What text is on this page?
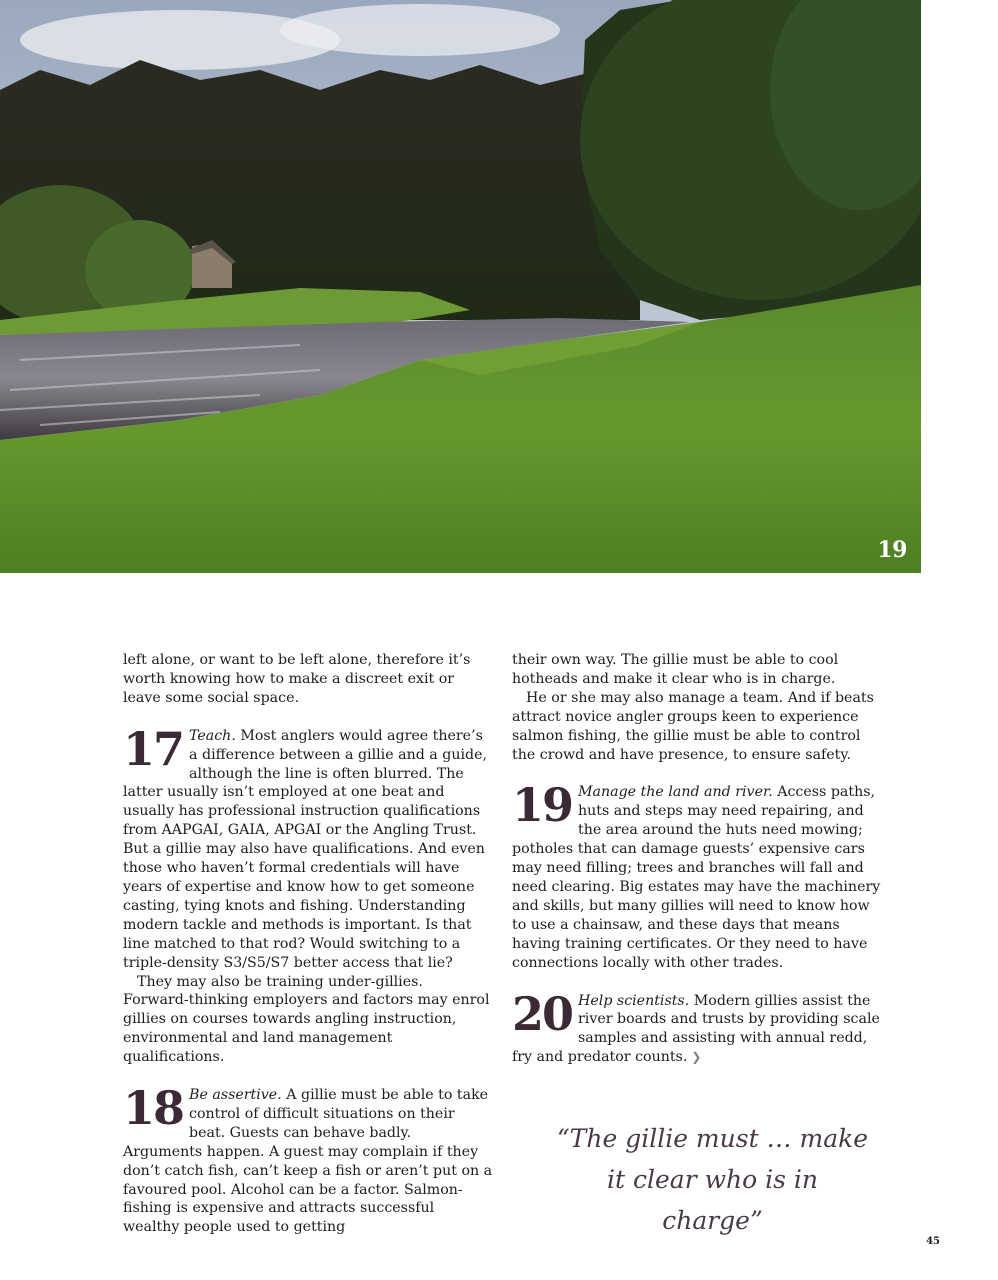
19

left alone, or want to be left alone, therefore it’s worth knowing how to make a discreet exit or leave some social space.

17 Teach. Most anglers would agree there’s a difference between a gillie and a guide, although the line is often blurred. The latter usually isn’t employed at one beat and usually has professional instruction qualifications from AAPGAI, GAIA, APGAI or the Angling Trust. But a gillie may also have qualifications. And even those who haven’t formal credentials will have years of expertise and know how to get someone casting, tying knots and fishing. Understanding modern tackle and methods is important. Is that line matched to that rod? Would switching to a triple-density S3/S5/S7 better access that lie?

They may also be training under-gillies. Forward-thinking employers and factors may enrol gillies on courses towards angling instruction, environmental and land management qualifications.

18 Be assertive. A gillie must be able to take control of difficult situations on their beat. Guests can behave badly. Arguments happen. A guest may complain if they don’t catch fish, can’t keep a fish or aren’t put on a favoured pool. Alcohol can be a factor. Salmon-fishing is expensive and attracts successful wealthy people used to getting

their own way. The gillie must be able to cool hotheads and make it clear who is in charge.

He or she may also manage a team. And if beats attract novice angler groups keen to experience salmon fishing, the gillie must be able to control the crowd and have presence, to ensure safety.

19 Manage the land and river. Access paths, huts and steps may need repairing, and the area around the huts need mowing; potholes that can damage guests’ expensive cars may need filling; trees and branches will fall and need clearing. Big estates may have the machinery and skills, but many gillies will need to know how to use a chainsaw, and these days that means having training certificates. Or they need to have connections locally with other trades.

20 Help scientists. Modern gillies assist the river boards and trusts by providing scale samples and assisting with annual redd, fry and predator counts. ❯

“The gillie must … make it clear who is in charge”
45
